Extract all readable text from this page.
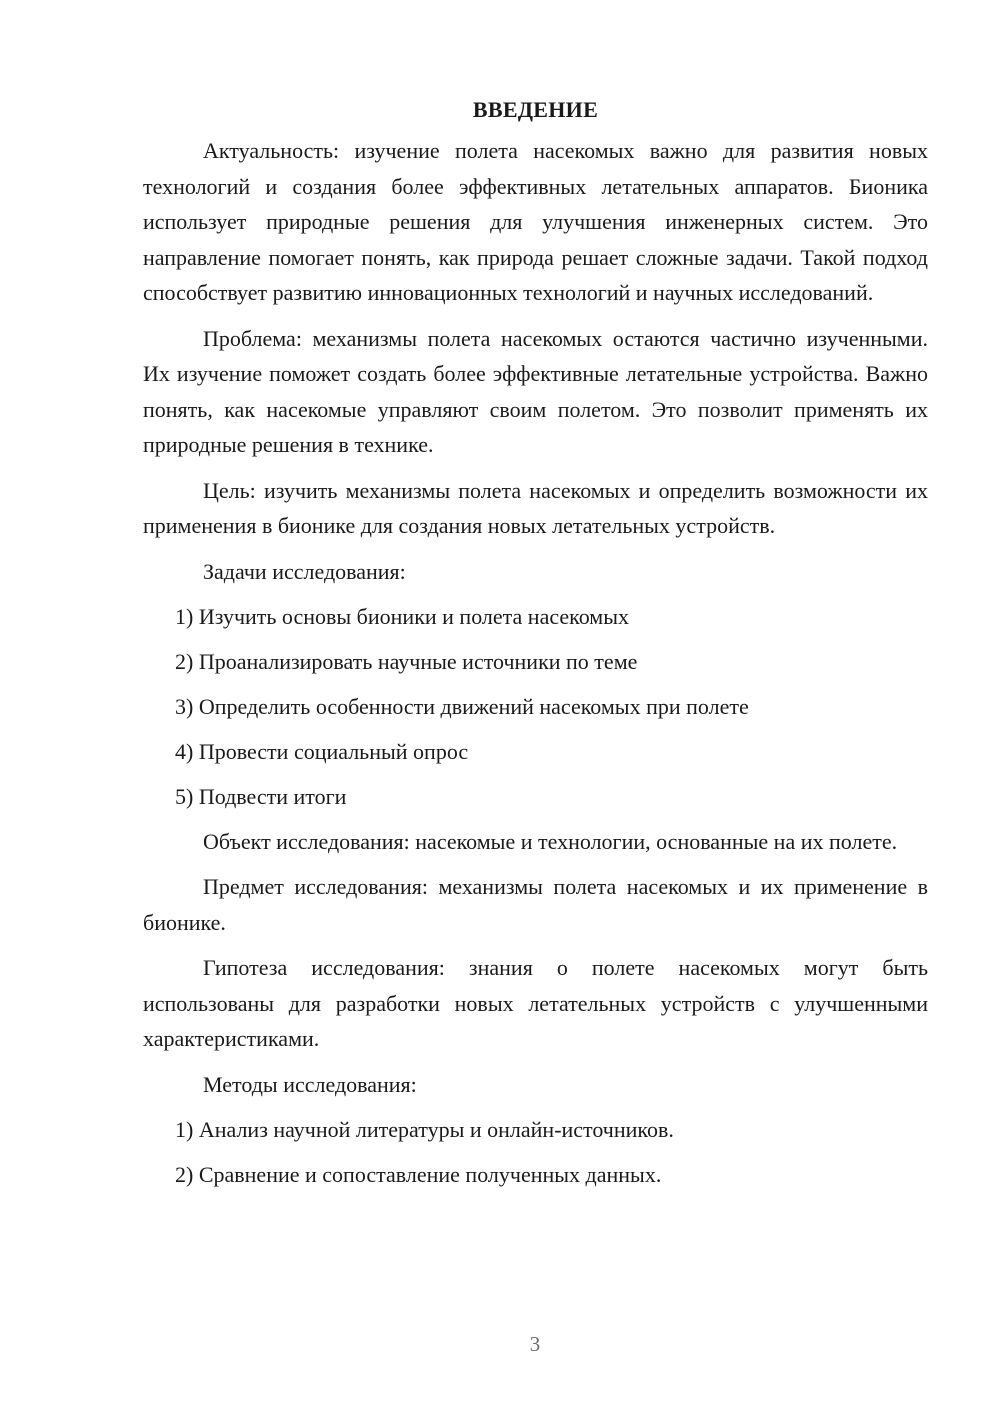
ВВЕДЕНИЕ

Актуальность: изучение полета насекомых важно для развития новых технологий и создания более эффективных летательных аппаратов. Бионика использует природные решения для улучшения инженерных систем. Это направление помогает понять, как природа решает сложные задачи. Такой подход способствует развитию инновационных технологий и научных исследований.

Проблема: механизмы полета насекомых остаются частично изученными. Их изучение поможет создать более эффективные летательные устройства. Важно понять, как насекомые управляют своим полетом. Это позволит применять их природные решения в технике.

Цель: изучить механизмы полета насекомых и определить возможности их применения в бионике для создания новых летательных устройств.

Задачи исследования:

1) Изучить основы бионики и полета насекомых

2) Проанализировать научные источники по теме

3) Определить особенности движений насекомых при полете

4) Провести социальный опрос

5) Подвести итоги

Объект исследования: насекомые и технологии, основанные на их полете.

Предмет исследования: механизмы полета насекомых и их применение в бионике.

Гипотеза исследования: знания о полете насекомых могут быть использованы для разработки новых летательных устройств с улучшенными характеристиками.

Методы исследования:

1) Анализ научной литературы и онлайн-источников.

2) Сравнение и сопоставление полученных данных.

3
